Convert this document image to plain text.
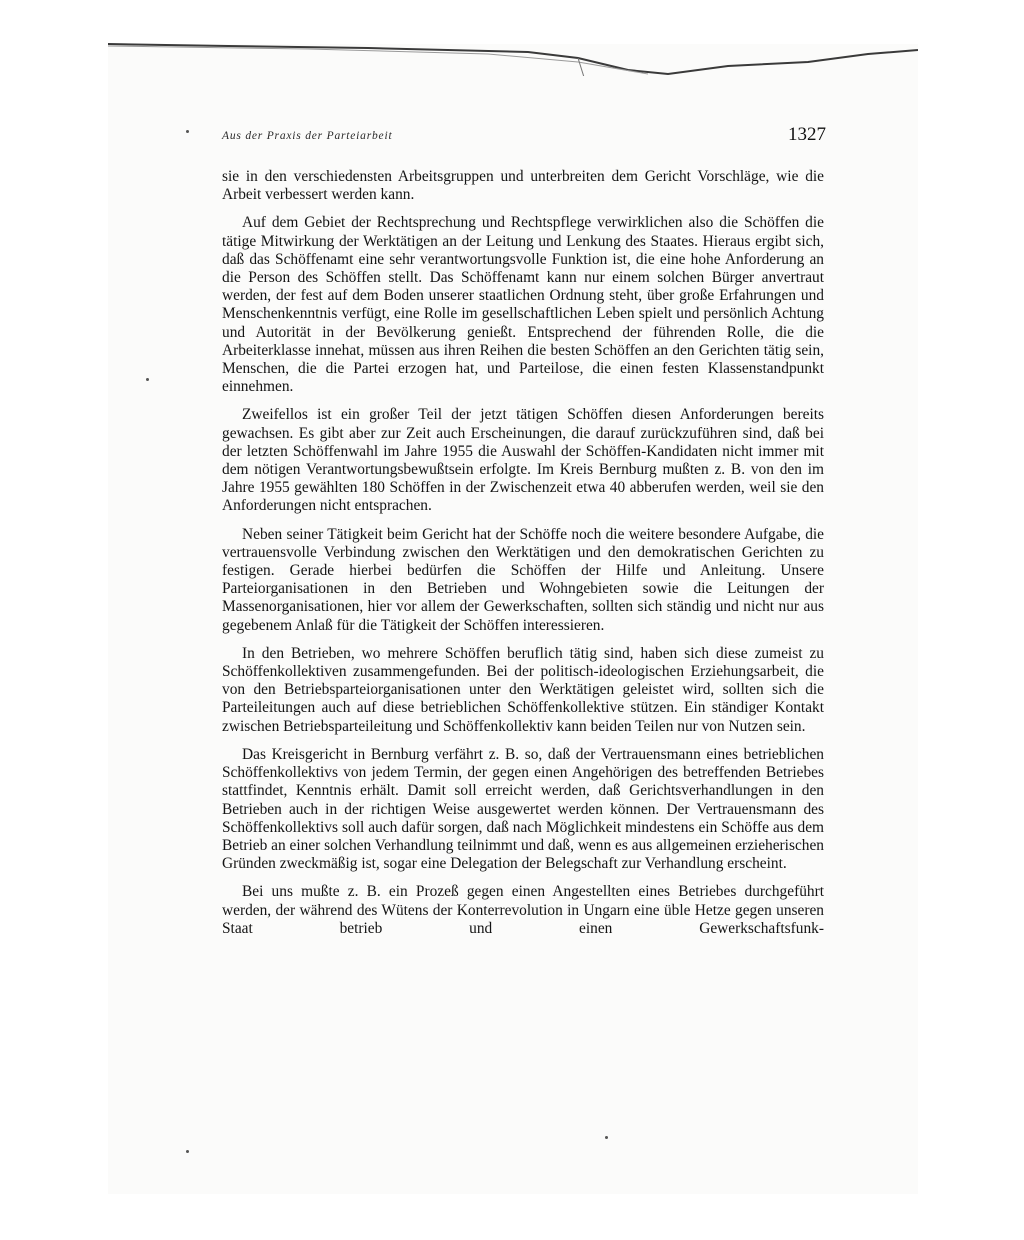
Aus der Praxis der Parteiarbeit	1327

sie in den verschiedensten Arbeitsgruppen und unterbreiten dem Gericht Vorschläge, wie die Arbeit verbessert werden kann.

Auf dem Gebiet der Rechtsprechung und Rechtspflege verwirklichen also die Schöffen die tätige Mitwirkung der Werktätigen an der Leitung und Lenkung des Staates. Hieraus ergibt sich, daß das Schöffenamt eine sehr verantwortungsvolle Funktion ist, die eine hohe Anforderung an die Person des Schöffen stellt. Das Schöffenamt kann nur einem solchen Bürger anvertraut werden, der fest auf dem Boden unserer staatlichen Ordnung steht, über große Erfahrungen und Menschenkenntnis verfügt, eine Rolle im gesellschaftlichen Leben spielt und persönlich Achtung und Autorität in der Bevölkerung genießt. Entsprechend der führenden Rolle, die die Arbeiterklasse innehat, müssen aus ihren Reihen die besten Schöffen an den Gerichten tätig sein, Menschen, die die Partei erzogen hat, und Parteilose, die einen festen Klassenstandpunkt einnehmen.

Zweifellos ist ein großer Teil der jetzt tätigen Schöffen diesen Anforderungen bereits gewachsen. Es gibt aber zur Zeit auch Erscheinungen, die darauf zurückzuführen sind, daß bei der letzten Schöffenwahl im Jahre 1955 die Auswahl der Schöffen-Kandidaten nicht immer mit dem nötigen Verantwortungsbewußtsein erfolgte. Im Kreis Bernburg mußten z. B. von den im Jahre 1955 gewählten 180 Schöffen in der Zwischenzeit etwa 40 abberufen werden, weil sie den Anforderungen nicht entsprachen.

Neben seiner Tätigkeit beim Gericht hat der Schöffe noch die weitere besondere Aufgabe, die vertrauensvolle Verbindung zwischen den Werktätigen und den demokratischen Gerichten zu festigen. Gerade hierbei bedürfen die Schöffen der Hilfe und Anleitung. Unsere Parteiorganisationen in den Betrieben und Wohngebieten sowie die Leitungen der Massenorganisationen, hier vor allem der Gewerkschaften, sollten sich ständig und nicht nur aus gegebenem Anlaß für die Tätigkeit der Schöffen interessieren.

In den Betrieben, wo mehrere Schöffen beruflich tätig sind, haben sich diese zumeist zu Schöffenkollektiven zusammengefunden. Bei der politisch-ideologischen Erziehungsarbeit, die von den Betriebsparteiorganisationen unter den Werktätigen geleistet wird, sollten sich die Parteileitungen auch auf diese betrieblichen Schöffenkollektive stützen. Ein ständiger Kontakt zwischen Betriebsparteileitung und Schöffenkollektiv kann beiden Teilen nur von Nutzen sein.

Das Kreisgericht in Bernburg verfährt z. B. so, daß der Vertrauensmann eines betrieblichen Schöffenkollektivs von jedem Termin, der gegen einen Angehörigen des betreffenden Betriebes stattfindet, Kenntnis erhält. Damit soll erreicht werden, daß Gerichtsverhandlungen in den Betrieben auch in der richtigen Weise ausgewertet werden können. Der Vertrauensmann des Schöffenkollektivs soll auch dafür sorgen, daß nach Möglichkeit mindestens ein Schöffe aus dem Betrieb an einer solchen Verhandlung teilnimmt und daß, wenn es aus allgemeinen erzieherischen Gründen zweckmäßig ist, sogar eine Delegation der Belegschaft zur Verhandlung erscheint.

Bei uns mußte z. B. ein Prozeß gegen einen Angestellten eines Betriebes durchgeführt werden, der während des Wütens der Konterrevolution in Ungarn eine üble Hetze gegen unseren Staat betrieb und einen Gewerkschaftsfunk-
